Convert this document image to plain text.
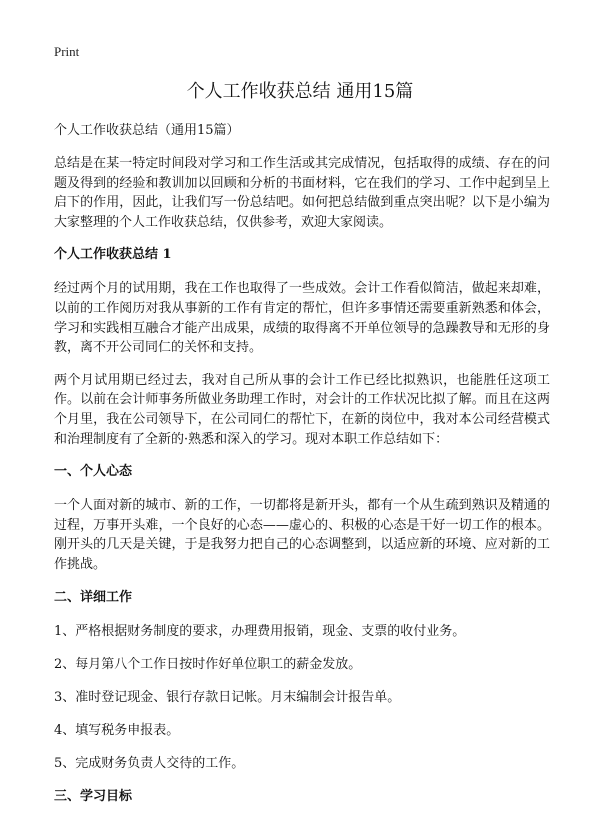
Print
个人工作收获总结 通用15篇
个人工作收获总结（通用15篇）

总结是在某一特定时间段对学习和工作生活或其完成情况，包括取得的成绩、存在的问题及得到的经验和教训加以回顾和分析的书面材料，它在我们的学习、工作中起到呈上启下的作用，因此，让我们写一份总结吧。如何把总结做到重点突出呢？以下是小编为大家整理的个人工作收获总结，仅供参考，欢迎大家阅读。

个人工作收获总结 1

经过两个月的试用期，我在工作也取得了一些成效。会计工作看似简洁，做起来却难，以前的工作阅历对我从事新的工作有肯定的帮忙，但许多事情还需要重新熟悉和体会，学习和实践相互融合才能产出成果，成绩的取得离不开单位领导的急躁教导和无形的身教，离不开公司同仁的关怀和支持。

两个月试用期已经过去，我对自己所从事的会计工作已经比拟熟识，也能胜任这项工作。以前在会计师事务所做业务助理工作时，对会计的工作状况比拟了解。而且在这两个月里，我在公司领导下，在公司同仁的帮忙下，在新的岗位中，我对本公司经营模式和治理制度有了全新的·熟悉和深入的学习。现对本职工作总结如下：

一、个人心态

一个人面对新的城市、新的工作，一切都将是新开头，都有一个从生疏到熟识及精通的过程，万事开头难，一个良好的心态——虚心的、积极的心态是干好一切工作的根本。刚开头的几天是关键，于是我努力把自己的心态调整到，以适应新的环境、应对新的工作挑战。

二、详细工作
1、严格根据财务制度的要求，办理费用报销，现金、支票的收付业务。
2、每月第八个工作日按时作好单位职工的薪金发放。
3、准时登记现金、银行存款日记帐。月末编制会计报告单。
4、填写税务申报表。
5、完成财务负责人交待的工作。
三、学习目标
